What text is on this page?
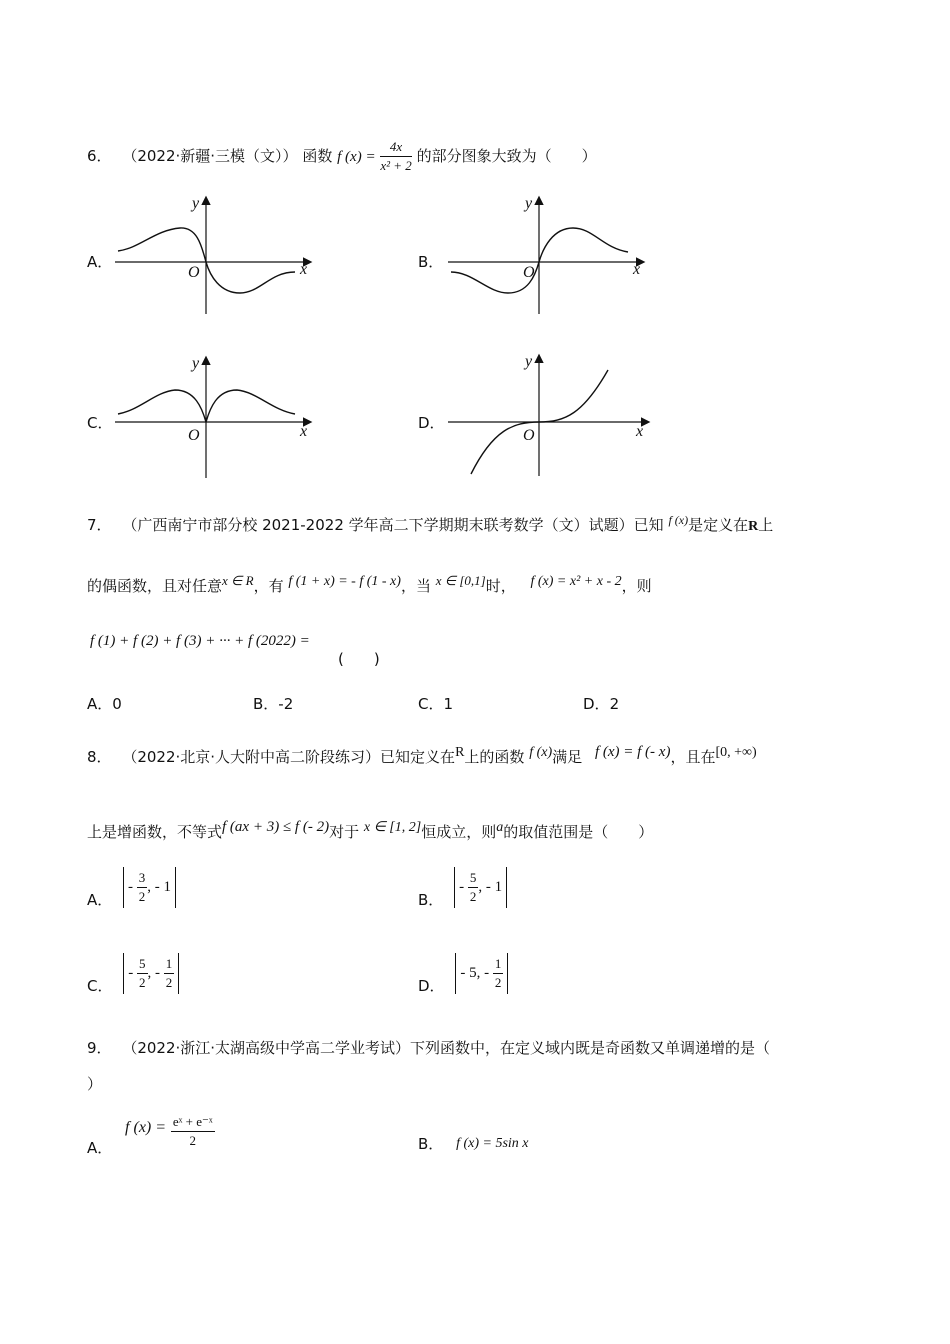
6． （2022·新疆·三模（文）） 函数 f $(x) = \frac{4x}{\text{x² + 2}}$ 的部分图象大致为（　　）
A．
y
x
O
B．
y
x
O
C．
y
x
O
D．
y
x
O
7． （广西南宁市部分校 2021-2022 学年高二下学期期末联考数学（文）试题）已知 $^{f (x)}$是定义在R上
的偶函数，且对任意x ∈ R，有 f (1 + x) = - f (1 - x)，当 x ∈ [0,1]时， f (x) = x² + x - 2，则
f (1) + f (2) + f (3) + ··· + f (2022) =
(　　)
A．0	B．-2	C．1	D．2
8． （2022·北京·人大附中高二阶段练习）已知定义在R上的函数 f (x)满足 f (x) = f (- x)，且在[0, +∞)
上是增函数，不等式f (ax + 3) ≤ f (- 2)对于 x ∈ [1, 2]恒成立，则a的取值范围是（　　）
A． - $\frac{3}{2}$ , - 1
B． - $\frac{5}{2}$ , - 1
C． - $\frac{5}{2}$ , - $\frac{1}{2}$	D． - 5, - $\frac{1}{2}$
9． （2022·浙江·太湖高级中学高二学业考试）下列函数中，在定义域内既是奇函数又单调递增的是（
）
A． f $(x) = \frac{\text{eˣ + e⁻ˣ}}{2}$	B． f (x) = 5sin x
